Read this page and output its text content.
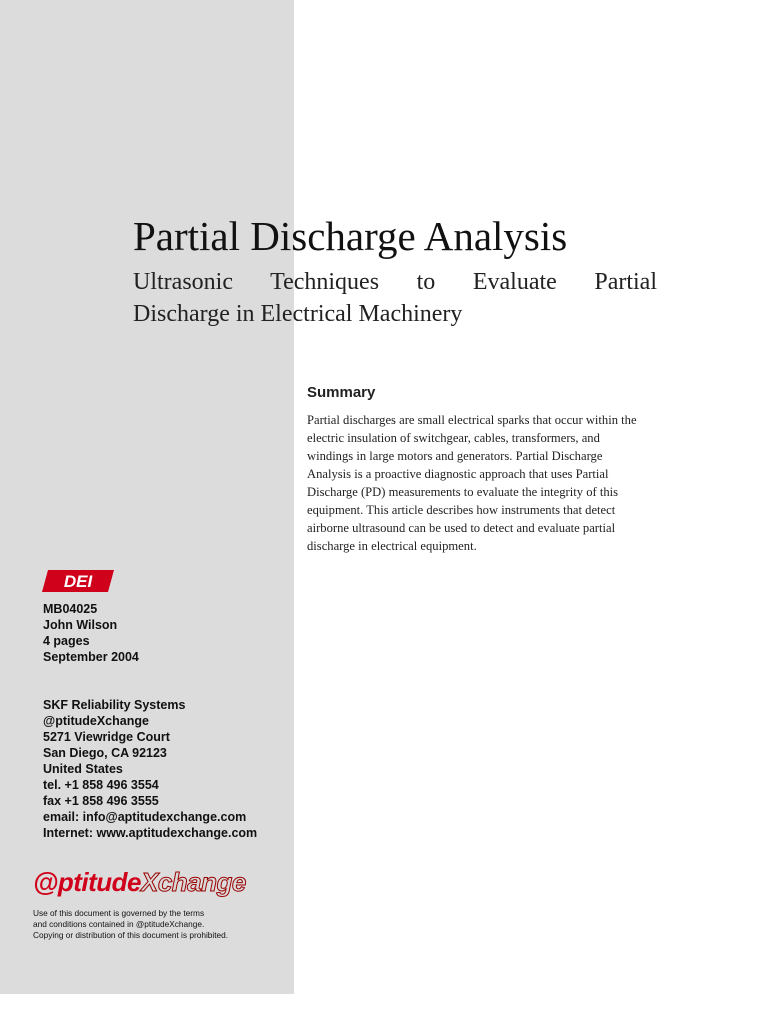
Partial Discharge Analysis
Ultrasonic Techniques to Evaluate Partial
Discharge in Electrical Machinery
Summary
Partial discharges are small electrical sparks that occur within the
electric insulation of switchgear, cables, transformers, and
windings in large motors and generators. Partial Discharge
Analysis is a proactive diagnostic approach that uses Partial
Discharge (PD) measurements to evaluate the integrity of this
equipment. This article describes how instruments that detect
airborne ultrasound can be used to detect and evaluate partial
discharge in electrical equipment.
DEI
MB04025
John Wilson
4 pages
September 2004
SKF Reliability Systems
@ptitudeXchange
5271 Viewridge Court
San Diego, CA 92123
United States
tel. +1 858 496 3554
fax +1 858 496 3555
email: info@aptitudexchange.com
Internet: www.aptitudexchange.com
@ptitudeXchange
Use of this document is governed by the terms
and conditions contained in @ptitudeXchange.
Copying or distribution of this document is prohibited.
